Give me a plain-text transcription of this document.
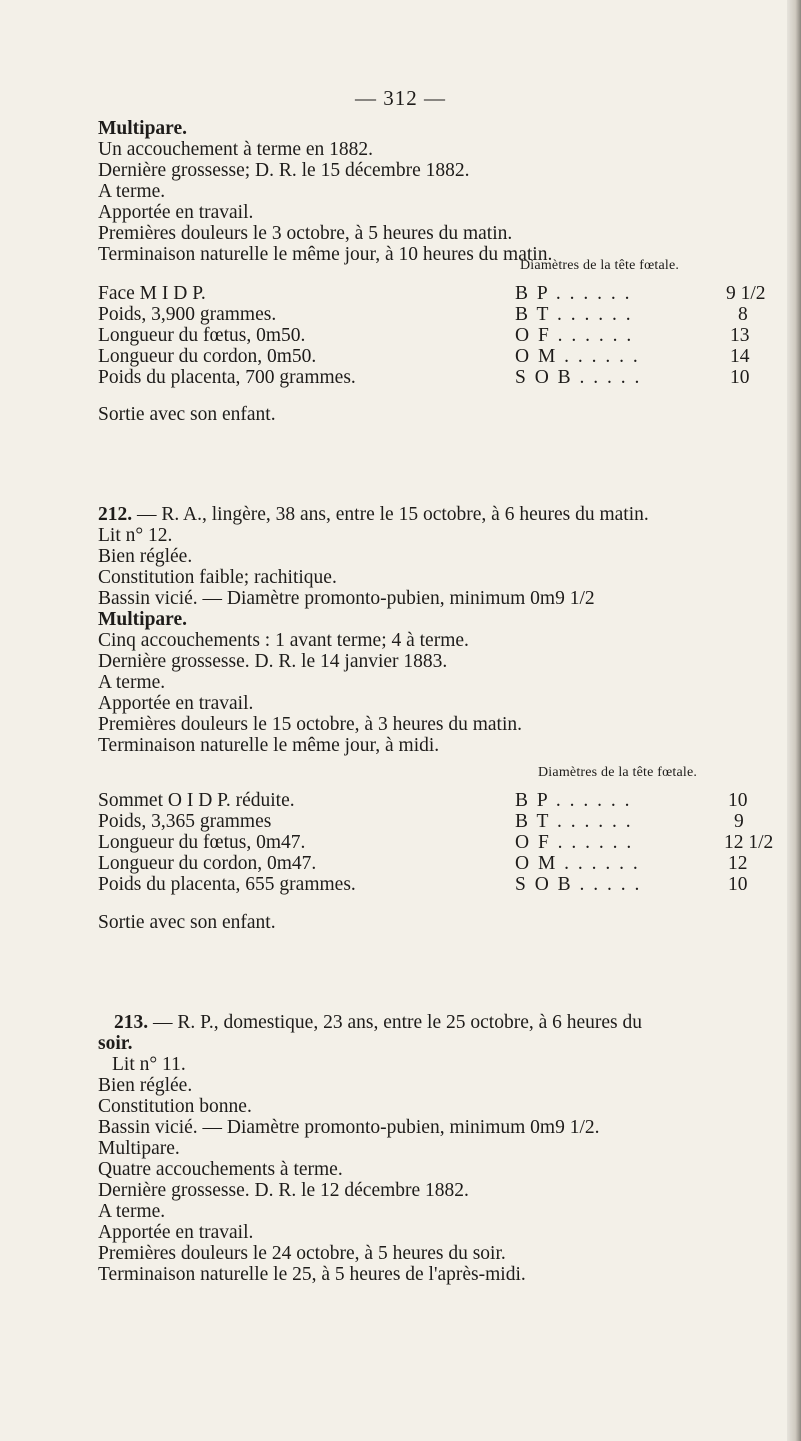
— 312 —
Multipare.
Un accouchement à terme en 1882.
Dernière grossesse; D. R. le 15 décembre 1882.
A terme.
Apportée en travail.
Premières douleurs le 3 octobre, à 5 heures du matin.
Terminaison naturelle le même jour, à 10 heures du matin.
Diamètres de la tête fœtale.
Face M I D P.	B P . . . . . .	9 1/2
Poids, 3,900 grammes.	B T . . . . . .	8
Longueur du fœtus, 0m50.	O F . . . . . .	13
Longueur du cordon, 0m50.	O M . . . . . .	14
Poids du placenta, 700 grammes.	S O B . . . . .	10
Sortie avec son enfant.
212. — R. A., lingère, 38 ans, entre le 15 octobre, à 6 heures du matin.
Lit n° 12.
Bien réglée.
Constitution faible; rachitique.
Bassin vicié. — Diamètre promonto-pubien, minimum 0m9 1/2
Multipare.
Cinq accouchements : 1 avant terme; 4 à terme.
Dernière grossesse. D. R. le 14 janvier 1883.
A terme.
Apportée en travail.
Premières douleurs le 15 octobre, à 3 heures du matin.
Terminaison naturelle le même jour, à midi.
Diamètres de la tête fœtale.
Sommet O I D P. réduite.	B P . . . . . .	10
Poids, 3,365 grammes	B T . . . . . .	9
Longueur du fœtus, 0m47.	O F . . . . . .	12 1/2
Longueur du cordon, 0m47.	O M . . . . . .	12
Poids du placenta, 655 grammes.	S O B . . . . .	10
Sortie avec son enfant.
213. — R. P., domestique, 23 ans, entre le 25 octobre, à 6 heures du
soir.
Lit n° 11.
Bien réglée.
Constitution bonne.
Bassin vicié. — Diamètre promonto-pubien, minimum 0m9 1/2.
Multipare.
Quatre accouchements à terme.
Dernière grossesse. D. R. le 12 décembre 1882.
A terme.
Apportée en travail.
Premières douleurs le 24 octobre, à 5 heures du soir.
Terminaison naturelle le 25, à 5 heures de l'après-midi.
